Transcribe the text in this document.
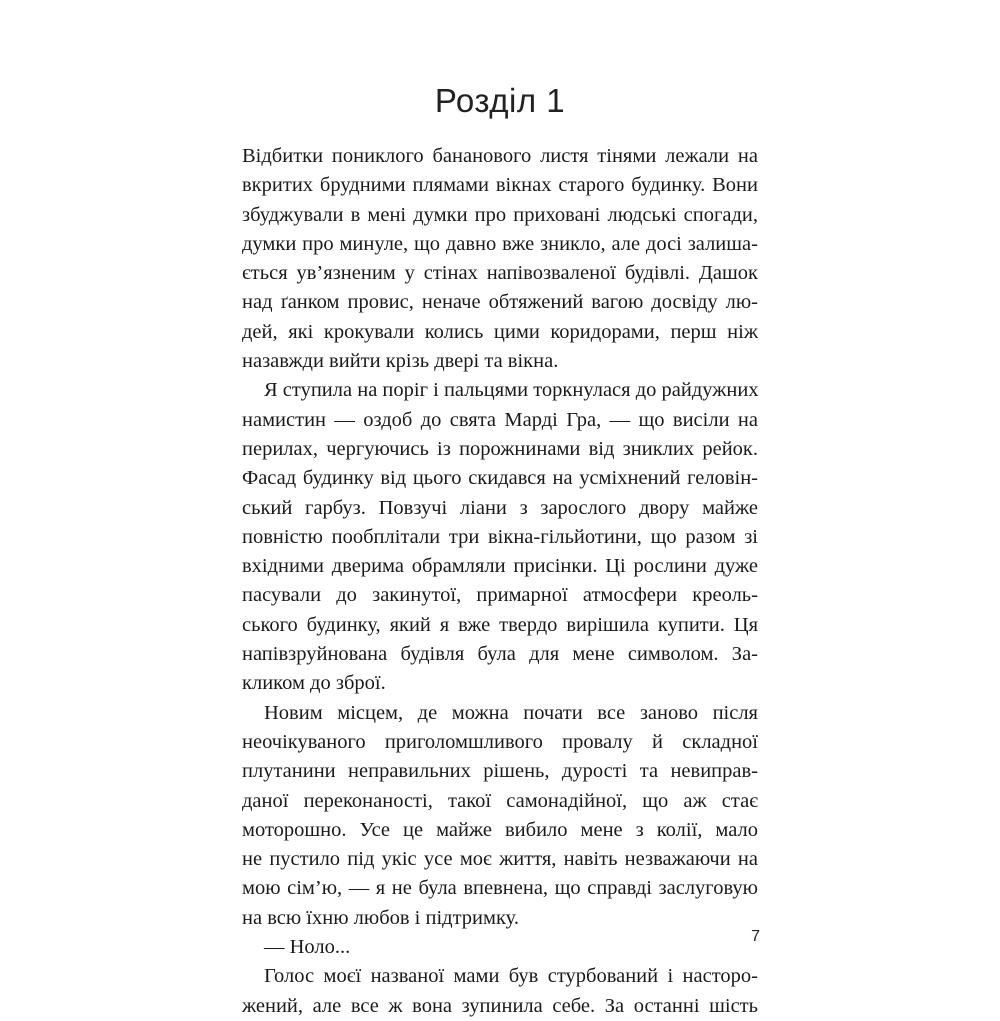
Розділ 1
Відбитки пониклого бананового листя тінями лежали на
вкритих брудними плямами вікнах старого будинку. Вони
збуджували в мені думки про приховані людські спогади,
думки про минуле, що давно вже зникло, але досі залиша-
ється ув’язненим у стінах напівозваленої будівлі. Дашок
над ґанком провис, неначе обтяжений вагою досвіду лю-
дей, які крокували колись цими коридорами, перш ніж
назавжди вийти крізь двері та вікна.
Я ступила на поріг і пальцями торкнулася до райдужних
намистин — оздоб до свята Марді Гра, — що висіли на
перилах, чергуючись із порожнинами від зниклих рейок.
Фасад будинку від цього скидався на усміхнений геловін-
ський гарбуз. Повзучі ліани з зарослого двору майже
повністю пообплітали три вікна-гільйотини, що разом зі
вхідними дверима обрамляли присінки. Ці рослини дуже
пасували до закинутої, примарної атмосфери креоль-
ського будинку, який я вже твердо вирішила купити. Ця
напівзруйнована будівля була для мене символом. За-
кликом до зброї.
Новим місцем, де можна почати все заново після
неочікуваного приголомшливого провалу й складної
плутанини неправильних рішень, дурості та невиправ-
даної переконаності, такої самонадійної, що аж стає
моторошно. Усе це майже вибило мене з колії, мало
не пустило під укіс усе моє життя, навіть незважаючи на
мою сім’ю, — я не була впевнена, що справді заслуговую
на всю їхню любов і підтримку.
— Ноло...
Голос моєї названої мами був стурбований і насторо-
жений, але все ж вона зупинила себе. За останні шість
7
